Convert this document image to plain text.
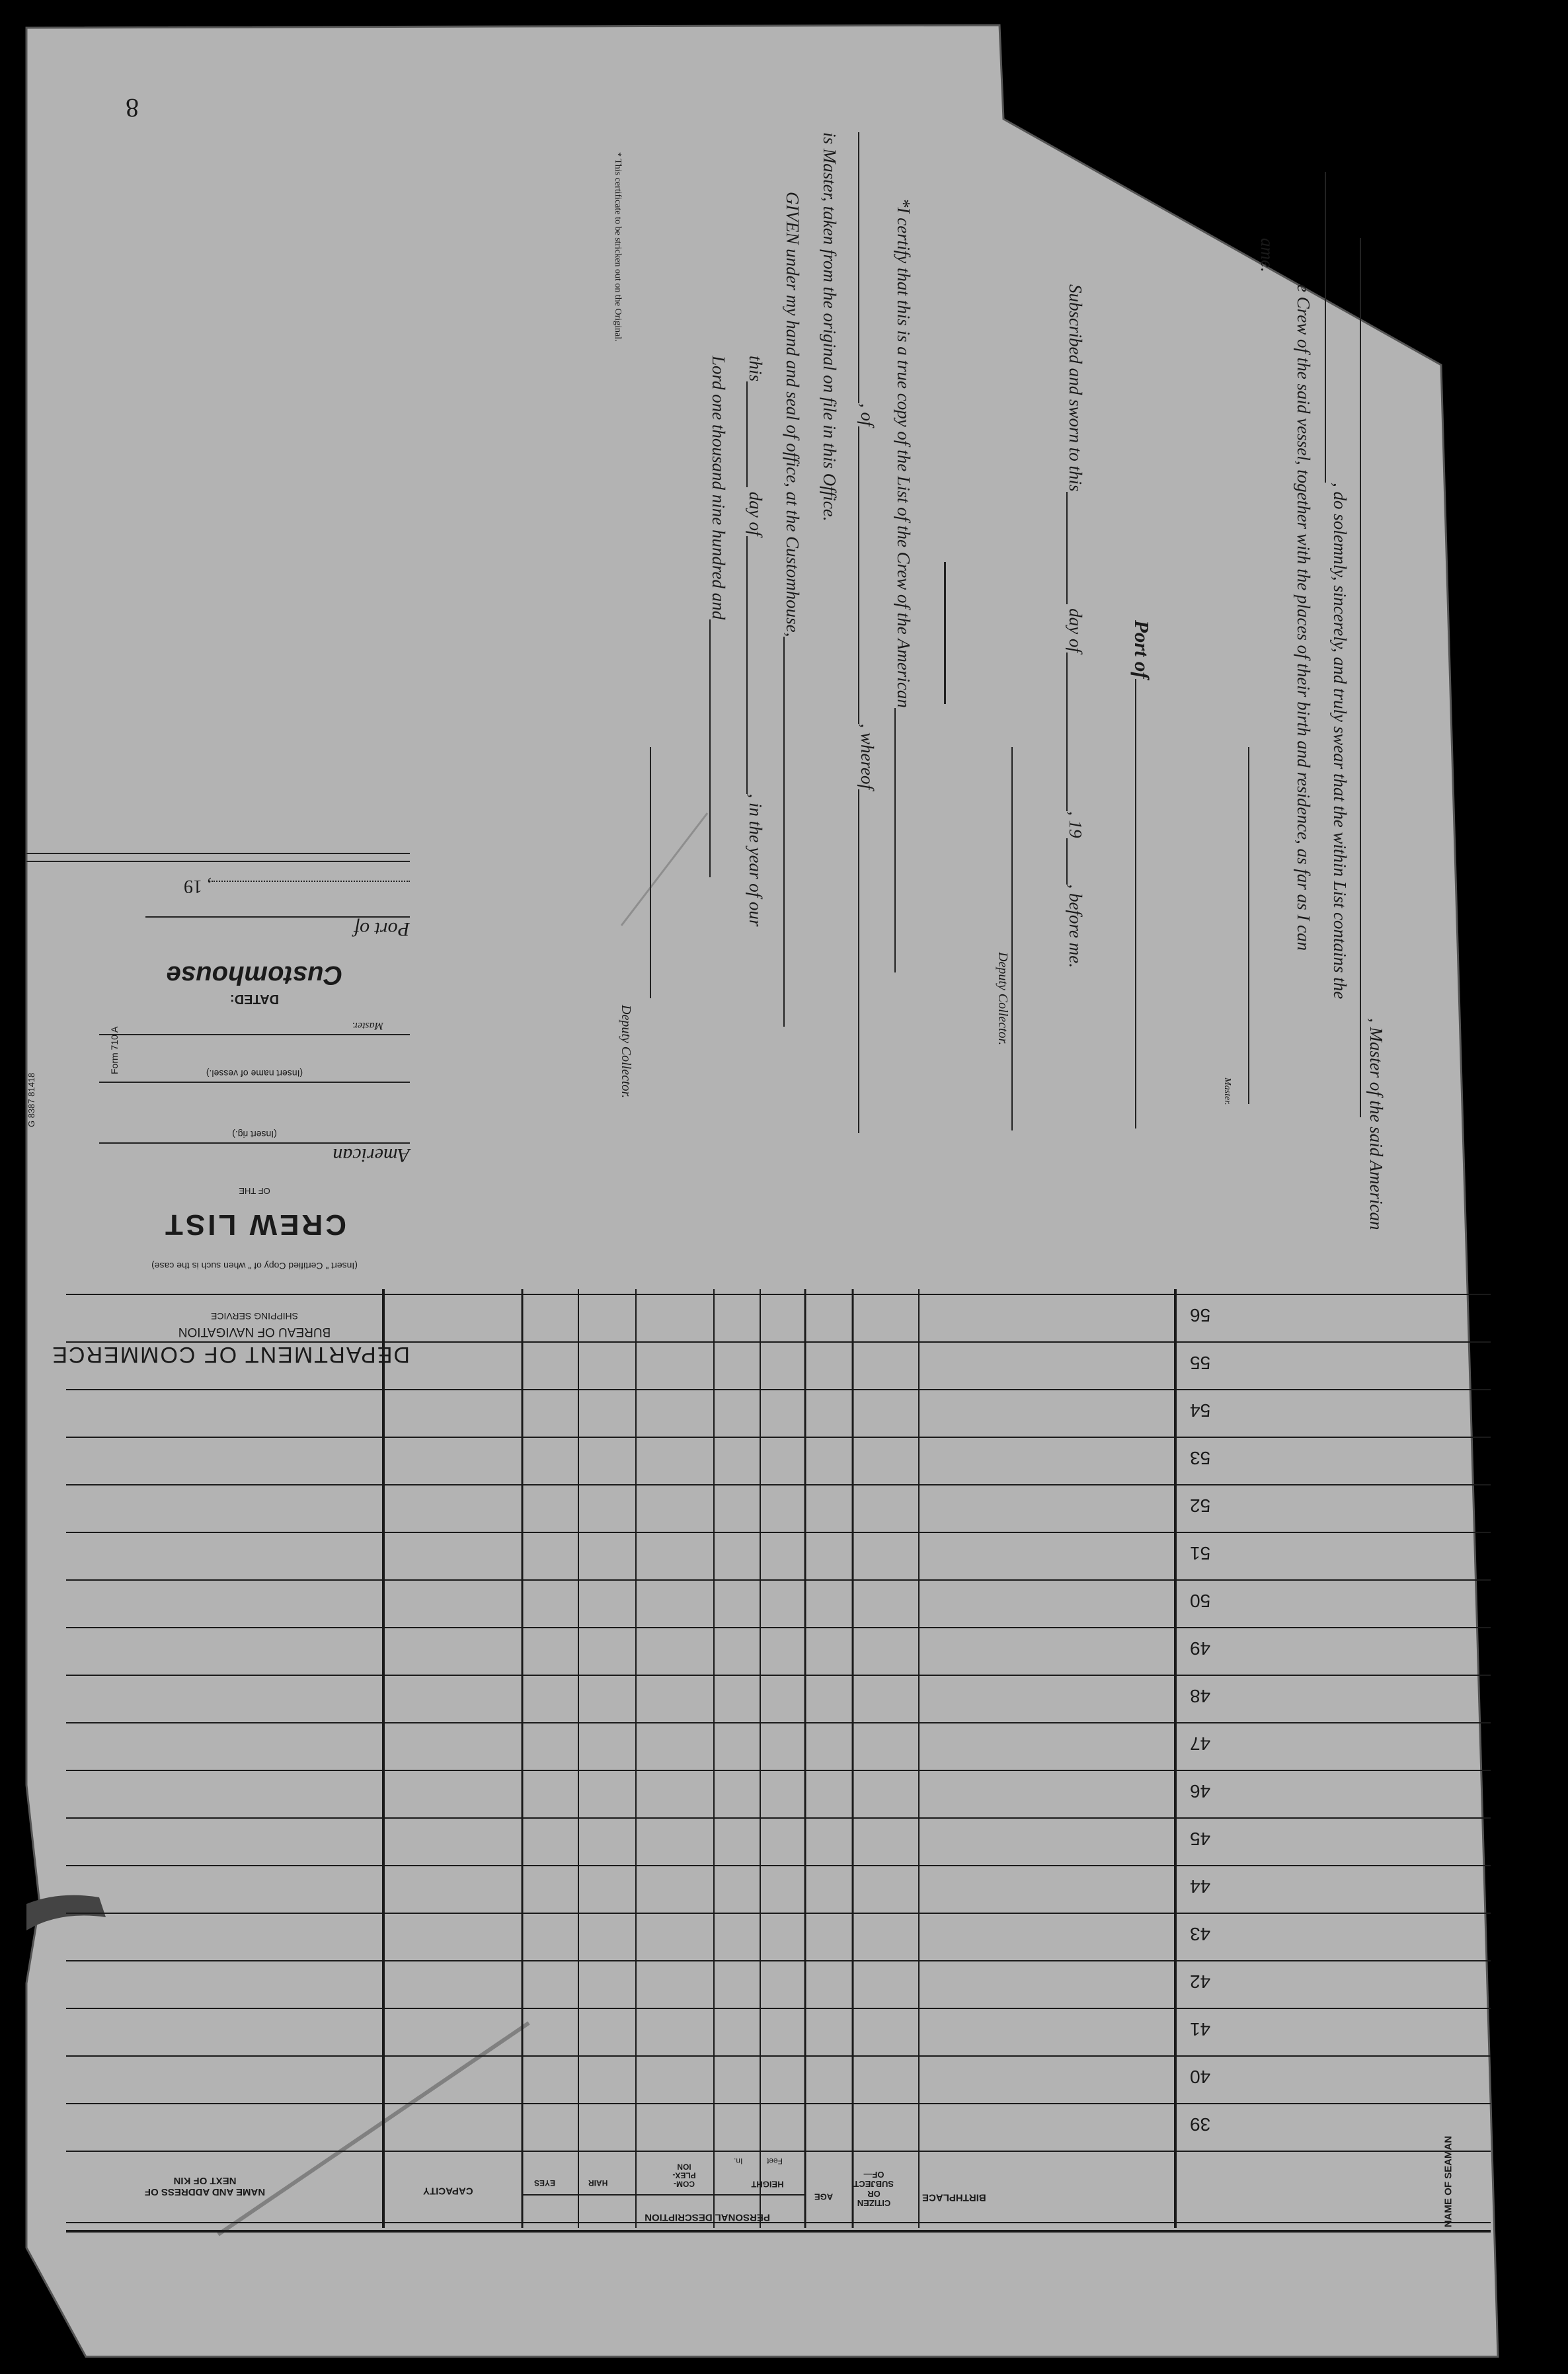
, Master of the said American
, do solemnly, sincerely, and truly swear that the within List contains the
e Crew of the said vessel, together with the places of their birth and residence, as far as I can
ame.
Master.
Port of
Subscribed and sworn to this day of, 19, before me.
Deputy Collector.
*I certify that this is a true copy of the List of the Crew of the American
, of, whereof
is Master, taken from the original on file in this Office.
GIVEN under my hand and seal of office, at the Customhouse,
this day of, in the year of our
Lord one thousand nine hundred and
Deputy Collector.
* This certificate to be stricken out on the Original.
Form 710 A
G 8387 81418
DEPARTMENT OF COMMERCE
BUREAU OF NAVIGATION
SHIPPING SERVICE
(Insert " Certified Copy of " when such is the case)
CREW LIST
OF THE
American
(Insert rig.)
(Insert name of vessel.)
Master.
DATED:
Customhouse
Port of
, 19
8
39
40
41
42
43
44
45
46
47
48
49
50
51
52
53
54
55
56
NAME OF SEAMAN
BIRTHPLACE
CITIZEN
OR
SUBJECT
OF—
AGE
PERSONAL DESCRIPTION
HEIGHT
Feet
In.
COM-
PLEX-
ION
HAIR
EYES
CAPACITY
NAME AND ADDRESS OF
NEXT OF KIN
